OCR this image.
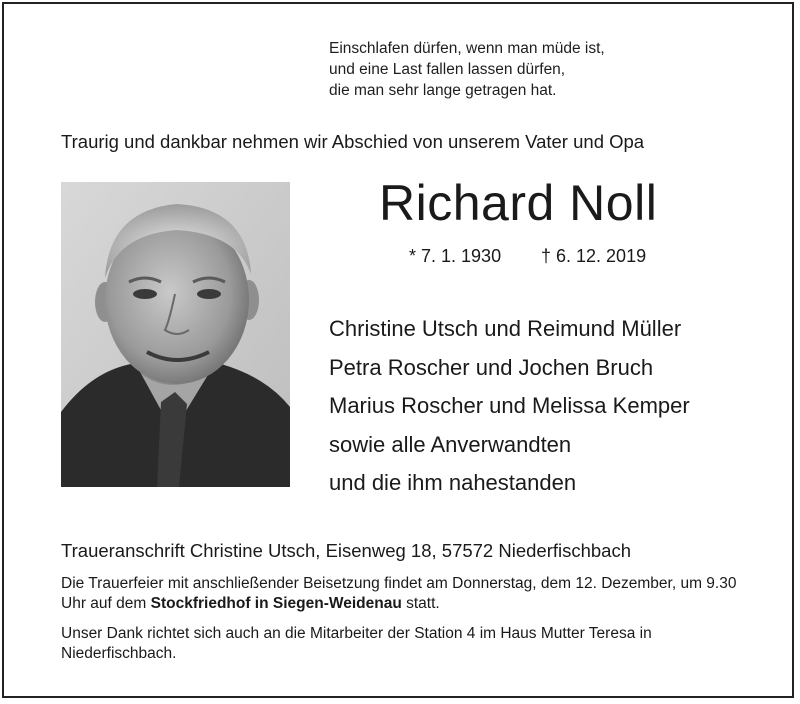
Einschlafen dürfen, wenn man müde ist,
und eine Last fallen lassen dürfen,
die man sehr lange getragen hat.
Traurig und dankbar nehmen wir Abschied von unserem Vater und Opa
Richard Noll
* 7. 1. 1930 † 6. 12. 2019
Christine Utsch und Reimund Müller
Petra Roscher und Jochen Bruch
Marius Roscher und Melissa Kemper
sowie alle Anverwandten
und die ihm nahestanden
Traueranschrift Christine Utsch, Eisenweg 18, 57572 Niederfischbach
Die Trauerfeier mit anschließender Beisetzung findet am Donnerstag, dem 12. Dezember, um 9.30 Uhr auf dem Stockfriedhof in Siegen-Weidenau statt.
Unser Dank richtet sich auch an die Mitarbeiter der Station 4 im Haus Mutter Teresa in Niederfischbach.
